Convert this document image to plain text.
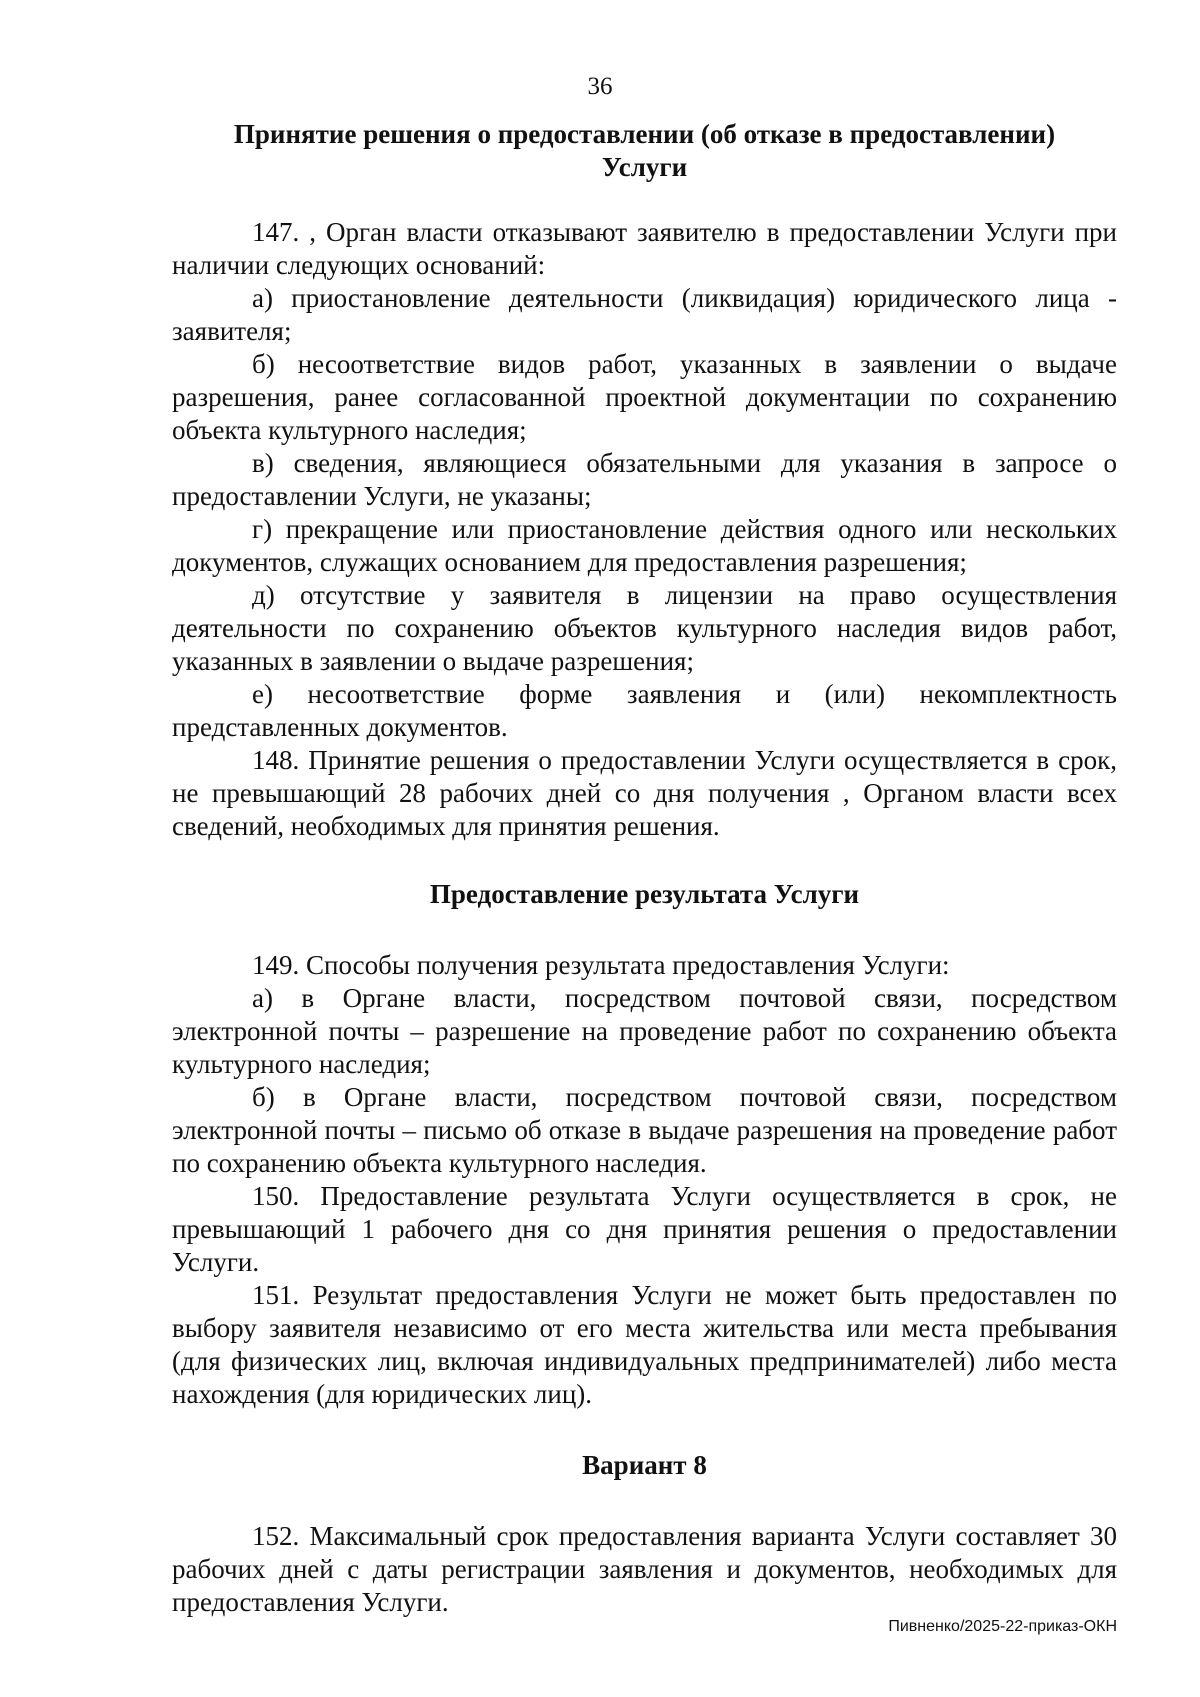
36
Принятие решения о предоставлении (об отказе в предоставлении)
Услуги

147. , Орган власти отказывают заявителю в предоставлении Услуги при наличии следующих оснований:

а) приостановление деятельности (ликвидация) юридического лица - заявителя;

б) несоответствие видов работ, указанных в заявлении о выдаче разрешения, ранее согласованной проектной документации по сохранению объекта культурного наследия;

в) сведения, являющиеся обязательными для указания в запросе о предоставлении Услуги, не указаны;

г) прекращение или приостановление действия одного или нескольких документов, служащих основанием для предоставления разрешения;

д) отсутствие у заявителя в лицензии на право осуществления деятельности по сохранению объектов культурного наследия видов работ, указанных в заявлении о выдаче разрешения;

е) несоответствие форме заявления и (или) некомплектность представленных документов.

148. Принятие решения о предоставлении Услуги осуществляется в срок, не превышающий 28 рабочих дней со дня получения , Органом власти всех сведений, необходимых для принятия решения.

Предоставление результата Услуги

149. Способы получения результата предоставления Услуги:

а) в Органе власти, посредством почтовой связи, посредством электронной почты – разрешение на проведение работ по сохранению объекта культурного наследия;

б) в Органе власти, посредством почтовой связи, посредством электронной почты – письмо об отказе в выдаче разрешения на проведение работ по сохранению объекта культурного наследия.

150. Предоставление результата Услуги осуществляется в срок, не превышающий 1 рабочего дня со дня принятия решения о предоставлении Услуги.

151. Результат предоставления Услуги не может быть предоставлен по выбору заявителя независимо от его места жительства или места пребывания (для физических лиц, включая индивидуальных предпринимателей) либо места нахождения (для юридических лиц).

Вариант 8

152. Максимальный срок предоставления варианта Услуги составляет 30 рабочих дней с даты регистрации заявления и документов, необходимых для предоставления Услуги.

Пивненко/2025-22-приказ-ОКН
